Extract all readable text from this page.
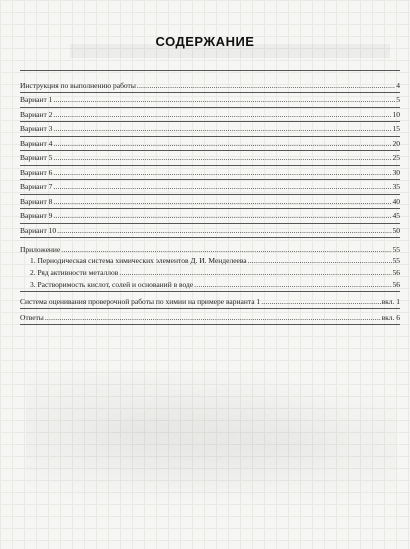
СОДЕРЖАНИЕ
Инструкция по выполнению работы .....	4
Вариант 1 .....	5
Вариант 2 .....	10
Вариант 3 .....	15
Вариант 4 .....	20
Вариант 5 .....	25
Вариант 6 .....	30
Вариант 7 .....	35
Вариант 8 .....	40
Вариант 9 .....	45
Вариант 10 .....	50
Приложение .....	55
1. Периодическая система химических элементов Д. И. Менделеева .....	55
2. Ряд активности металлов .....	56
3. Растворимость кислот, солей и оснований в воде .....	56
Система оценивания проверочной работы по химии на примере варианта 1 .....	вкл. 1
Ответы .....	вкл. 6
